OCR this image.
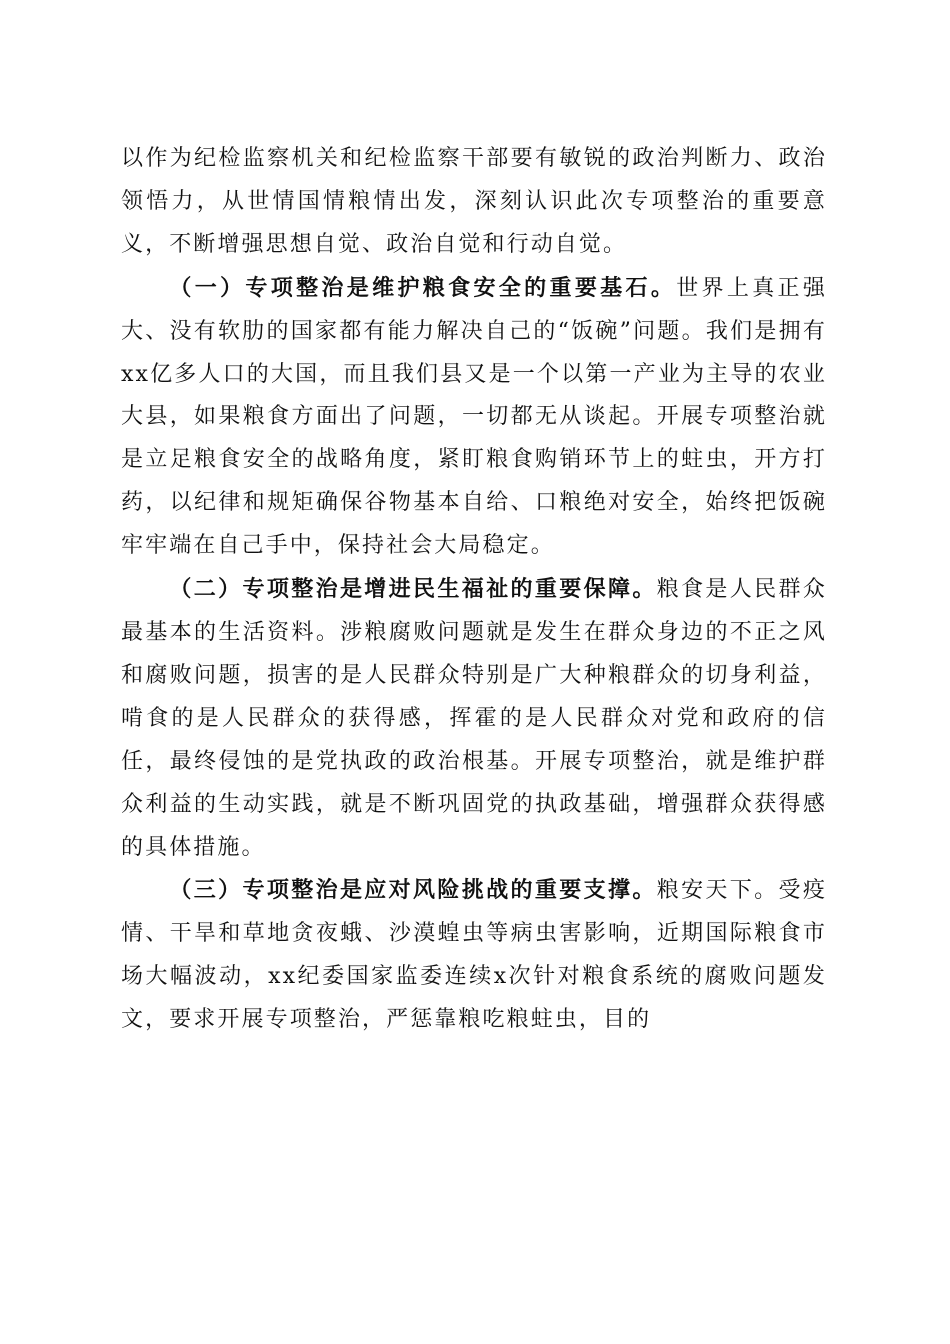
以作为纪检监察机关和纪检监察干部要有敏锐的政治判断力、政治领悟力，从世情国情粮情出发，深刻认识此次专项整治的重要意义，不断增强思想自觉、政治自觉和行动自觉。

（一）专项整治是维护粮食安全的重要基石。世界上真正强大、没有软肋的国家都有能力解决自己的“饭碗”问题。我们是拥有xx亿多人口的大国，而且我们县又是一个以第一产业为主导的农业大县，如果粮食方面出了问题，一切都无从谈起。开展专项整治就是立足粮食安全的战略角度，紧盯粮食购销环节上的蛀虫，开方打药，以纪律和规矩确保谷物基本自给、口粮绝对安全，始终把饭碗牢牢端在自己手中，保持社会大局稳定。

（二）专项整治是增进民生福祉的重要保障。粮食是人民群众最基本的生活资料。涉粮腐败问题就是发生在群众身边的不正之风和腐败问题，损害的是人民群众特别是广大种粮群众的切身利益，啃食的是人民群众的获得感，挥霍的是人民群众对党和政府的信任，最终侵蚀的是党执政的政治根基。开展专项整治，就是维护群众利益的生动实践，就是不断巩固党的执政基础，增强群众获得感的具体措施。

（三）专项整治是应对风险挑战的重要支撑。粮安天下。受疫情、干旱和草地贪夜蛾、沙漠蝗虫等病虫害影响，近期国际粮食市场大幅波动，xx纪委国家监委连续x次针对粮食系统的腐败问题发文，要求开展专项整治，严惩靠粮吃粮蛀虫，目的
